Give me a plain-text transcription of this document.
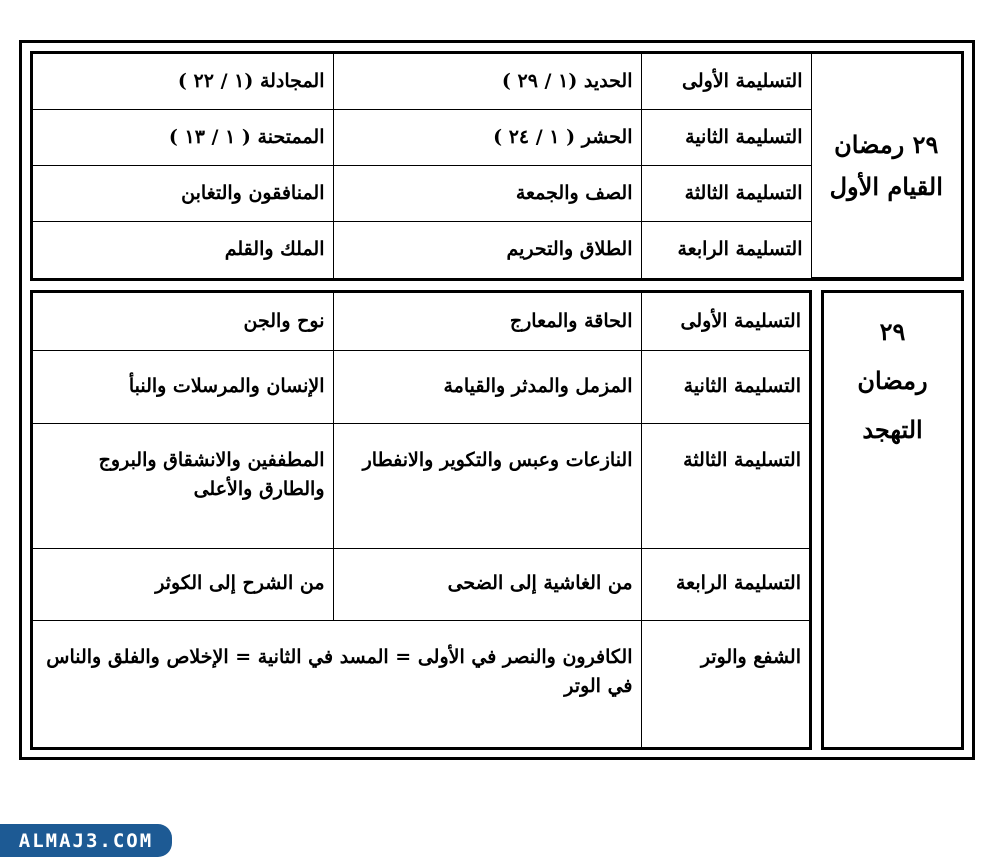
٢٩ رمضان
القيام الأول	التسليمة الأولى	الحديد (١ / ٢٩ )	المجادلة (١ / ٢٢ )
	التسليمة الثانية	الحشر ( ١ / ٢٤ )	الممتحنة ( ١ / ١٣ )
	التسليمة الثالثة	الصف والجمعة	المنافقون والتغابن
	التسليمة الرابعة	الطلاق والتحريم	الملك والقلم
٢٩
رمضان
التهجد
التسليمة الأولى	الحاقة والمعارج	نوح والجن
التسليمة الثانية	المزمل والمدثر والقيامة	الإنسان والمرسلات والنبأ
التسليمة الثالثة	النازعات وعبس والتكوير والانفطار	المطففين والانشقاق والبروج والطارق والأعلى
التسليمة الرابعة	من الغاشية إلى الضحى	من الشرح إلى الكوثر
الشفع والوتر	الكافرون والنصر في الأولى = المسد في الثانية = الإخلاص والفلق والناس في الوتر	
ALMAJ3.COM
